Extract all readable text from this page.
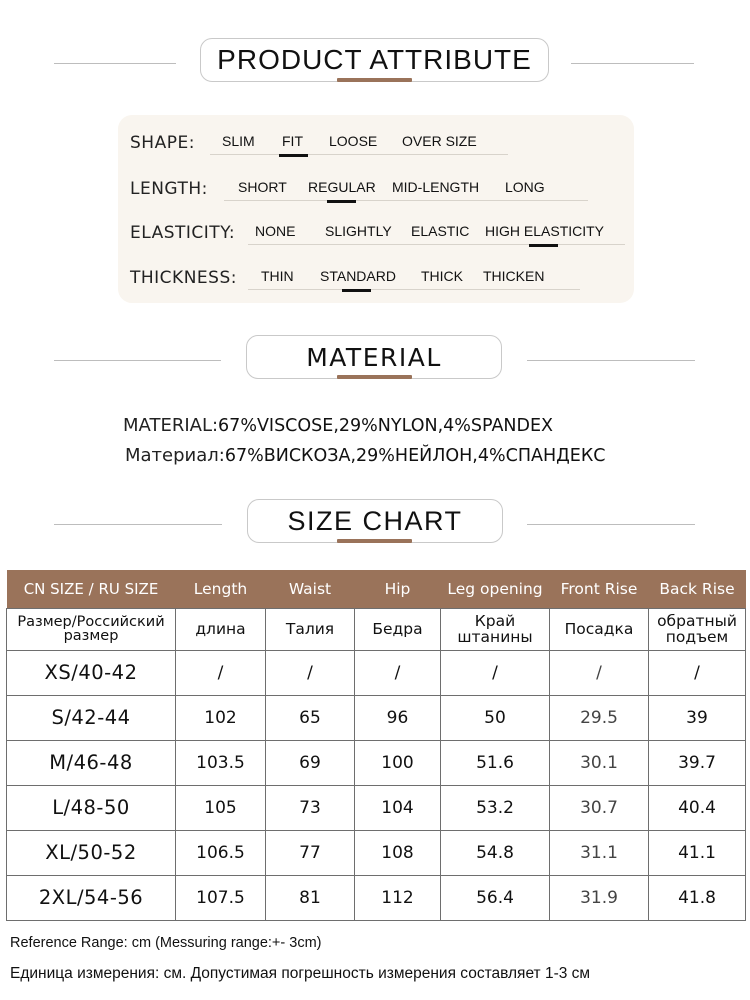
PRODUCT ATTRIBUTE
SHAPE: SLIM FIT LOOSE OVER SIZE
LENGTH: SHORT REGULAR MID-LENGTH LONG
ELASTICITY: NONE SLIGHTLY ELASTIC HIGH ELASTICITY
THICKNESS: THIN STANDARD THICK THICKEN
MATERIAL
MATERIAL:67%VISCOSE,29%NYLON,4%SPANDEX
Материал:67%ВИСКОЗА,29%НЕЙЛОН,4%СПАНДЕКС
SIZE CHART
CN SIZE / RU SIZE	Length	Waist	Hip	Leg opening	Front Rise	Back Rise
Размер/Российский размер	длина	Талия	Бедра	Край штанины	Посадка	обратный подъем
XS/40-42	/	/	/	/	/	/
S/42-44	102	65	96	50	29.5	39
M/46-48	103.5	69	100	51.6	30.1	39.7
L/48-50	105	73	104	53.2	30.7	40.4
XL/50-52	106.5	77	108	54.8	31.1	41.1
2XL/54-56	107.5	81	112	56.4	31.9	41.8
Reference Range: cm (Messuring range:+- 3cm)
Единица измерения: см. Допустимая погрешность измерения составляет 1-3 см
